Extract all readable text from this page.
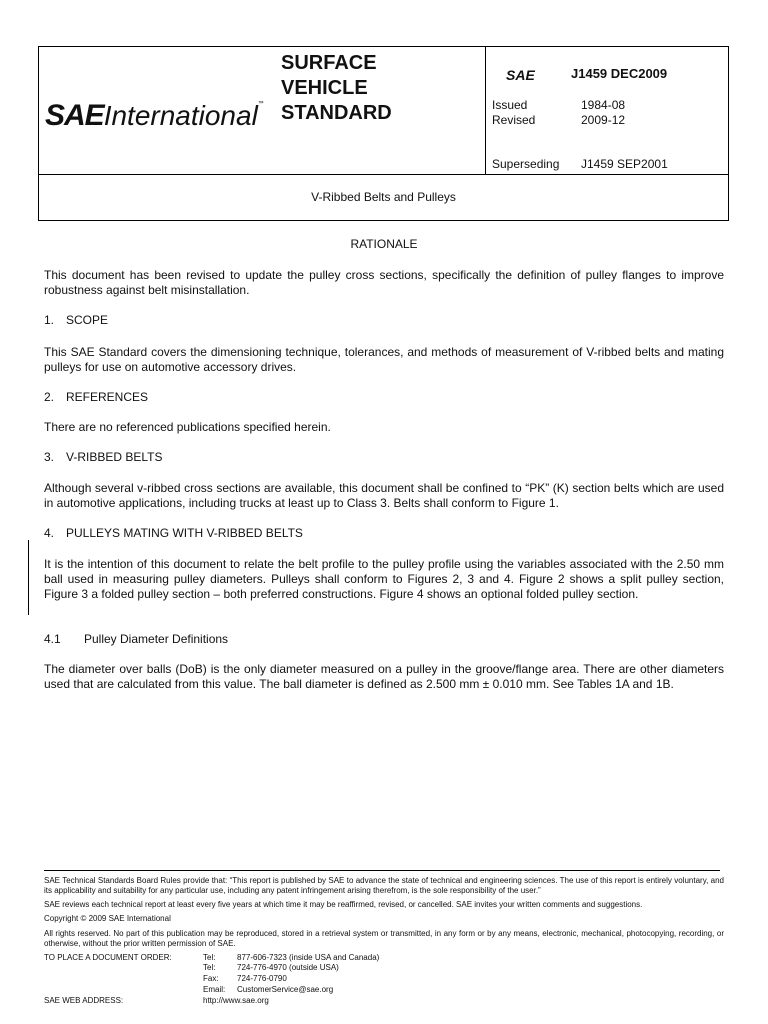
SAEInternational™
SURFACE
VEHICLE
STANDARD
SAE	J1459 DEC2009
Issued	1984-08
Revised	2009-12
Superseding J1459 SEP2001
V-Ribbed Belts and Pulleys
RATIONALE
This document has been revised to update the pulley cross sections, specifically the definition of pulley flanges to improve robustness against belt misinstallation.
1. SCOPE
This SAE Standard covers the dimensioning technique, tolerances, and methods of measurement of V-ribbed belts and mating pulleys for use on automotive accessory drives.
2. REFERENCES
There are no referenced publications specified herein.
3. V-RIBBED BELTS
Although several v-ribbed cross sections are available, this document shall be confined to “PK” (K) section belts which are used in automotive applications, including trucks at least up to Class 3. Belts shall conform to Figure 1.
4. PULLEYS MATING WITH V-RIBBED BELTS
It is the intention of this document to relate the belt profile to the pulley profile using the variables associated with the 2.50 mm ball used in measuring pulley diameters. Pulleys shall conform to Figures 2, 3 and 4. Figure 2 shows a split pulley section, Figure 3 a folded pulley section – both preferred constructions. Figure 4 shows an optional folded pulley section.
4.1 Pulley Diameter Definitions
The diameter over balls (DoB) is the only diameter measured on a pulley in the groove/flange area. There are other diameters used that are calculated from this value. The ball diameter is defined as 2.500 mm ± 0.010 mm. See Tables 1A and 1B.
SAE Technical Standards Board Rules provide that: “This report is published by SAE to advance the state of technical and engineering sciences. The use of this report is entirely voluntary, and its applicability and suitability for any particular use, including any patent infringement arising therefrom, is the sole responsibility of the user.”
SAE reviews each technical report at least every five years at which time it may be reaffirmed, revised, or cancelled. SAE invites your written comments and suggestions.
Copyright © 2009 SAE International
All rights reserved. No part of this publication may be reproduced, stored in a retrieval system or transmitted, in any form or by any means, electronic, mechanical, photocopying, recording, or otherwise, without the prior written permission of SAE.
TO PLACE A DOCUMENT ORDER:	Tel:	877-606-7323 (inside USA and Canada)
Tel:	724-776-4970 (outside USA)
Fax: 724-776-0790
Email: CustomerService@sae.org
SAE WEB ADDRESS:	http://www.sae.org
